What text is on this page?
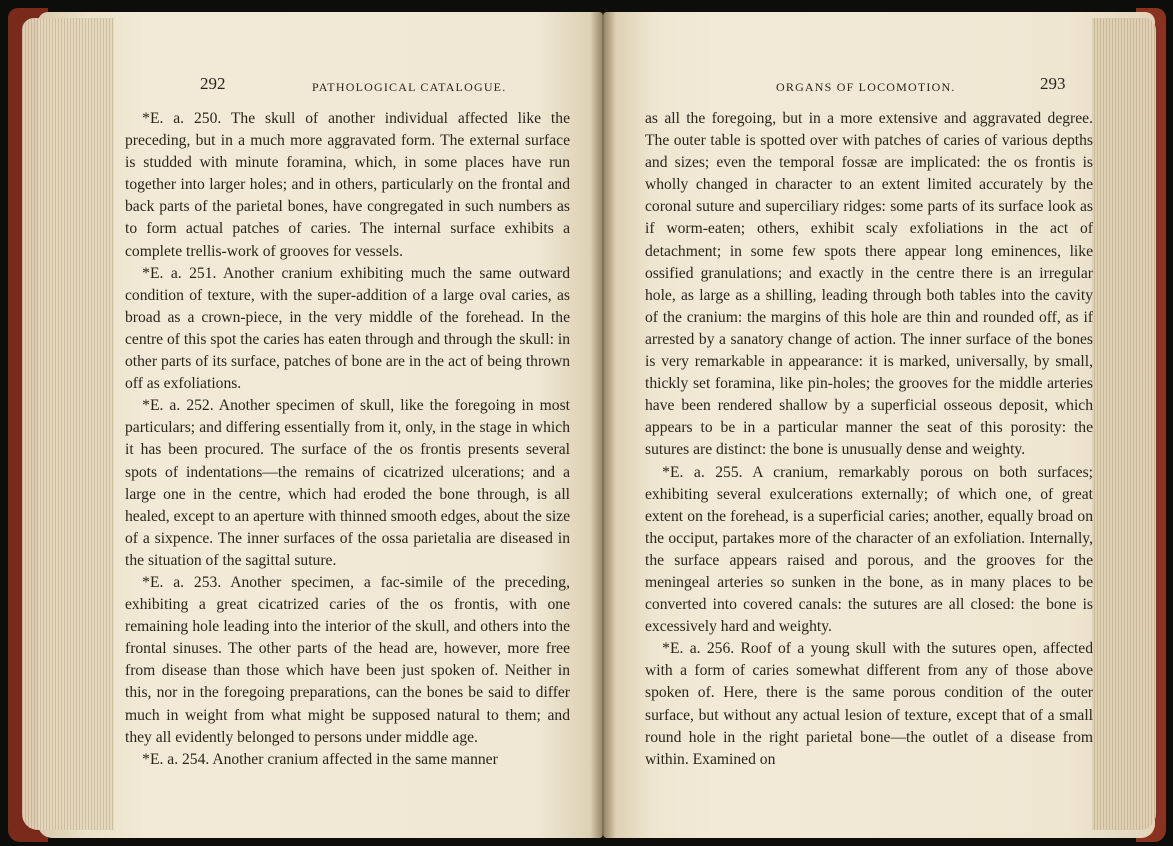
292	PATHOLOGICAL CATALOGUE.

*E. a. 250. The skull of another individual affected like the preceding, but in a much more aggravated form. The external surface is studded with minute foramina, which, in some places have run together into larger holes; and in others, particularly on the frontal and back parts of the parietal bones, have congregated in such numbers as to form actual patches of caries. The internal surface exhibits a complete trellis-work of grooves for vessels.

*E. a. 251. Another cranium exhibiting much the same outward condition of texture, with the super-addition of a large oval caries, as broad as a crown-piece, in the very middle of the forehead. In the centre of this spot the caries has eaten through and through the skull: in other parts of its surface, patches of bone are in the act of being thrown off as exfoliations.

*E. a. 252. Another specimen of skull, like the foregoing in most particulars; and differing essentially from it, only, in the stage in which it has been procured. The surface of the os frontis presents several spots of indentations—the remains of cicatrized ulcerations; and a large one in the centre, which had eroded the bone through, is all healed, except to an aperture with thinned smooth edges, about the size of a sixpence. The inner surfaces of the ossa parietalia are diseased in the situation of the sagittal suture.

*E. a. 253. Another specimen, a fac-simile of the preceding, exhibiting a great cicatrized caries of the os frontis, with one remaining hole leading into the interior of the skull, and others into the frontal sinuses. The other parts of the head are, however, more free from disease than those which have been just spoken of. Neither in this, nor in the foregoing preparations, can the bones be said to differ much in weight from what might be supposed natural to them; and they all evidently belonged to persons under middle age.

*E. a. 254. Another cranium affected in the same manner

ORGANS OF LOCOMOTION.	293

as all the foregoing, but in a more extensive and aggravated degree. The outer table is spotted over with patches of caries of various depths and sizes; even the temporal fossæ are implicated: the os frontis is wholly changed in character to an extent limited accurately by the coronal suture and superciliary ridges: some parts of its surface look as if worm-eaten; others, exhibit scaly exfoliations in the act of detachment; in some few spots there appear long eminences, like ossified granulations; and exactly in the centre there is an irregular hole, as large as a shilling, leading through both tables into the cavity of the cranium: the margins of this hole are thin and rounded off, as if arrested by a sanatory change of action. The inner surface of the bones is very remarkable in appearance: it is marked, universally, by small, thickly set foramina, like pin-holes; the grooves for the middle arteries have been rendered shallow by a superficial osseous deposit, which appears to be in a particular manner the seat of this porosity: the sutures are distinct: the bone is unusually dense and weighty.

*E. a. 255. A cranium, remarkably porous on both surfaces; exhibiting several exulcerations externally; of which one, of great extent on the forehead, is a superficial caries; another, equally broad on the occiput, partakes more of the character of an exfoliation. Internally, the surface appears raised and porous, and the grooves for the meningeal arteries so sunken in the bone, as in many places to be converted into covered canals: the sutures are all closed: the bone is excessively hard and weighty.

*E. a. 256. Roof of a young skull with the sutures open, affected with a form of caries somewhat different from any of those above spoken of. Here, there is the same porous condition of the outer surface, but without any actual lesion of texture, except that of a small round hole in the right parietal bone—the outlet of a disease from within. Examined on
